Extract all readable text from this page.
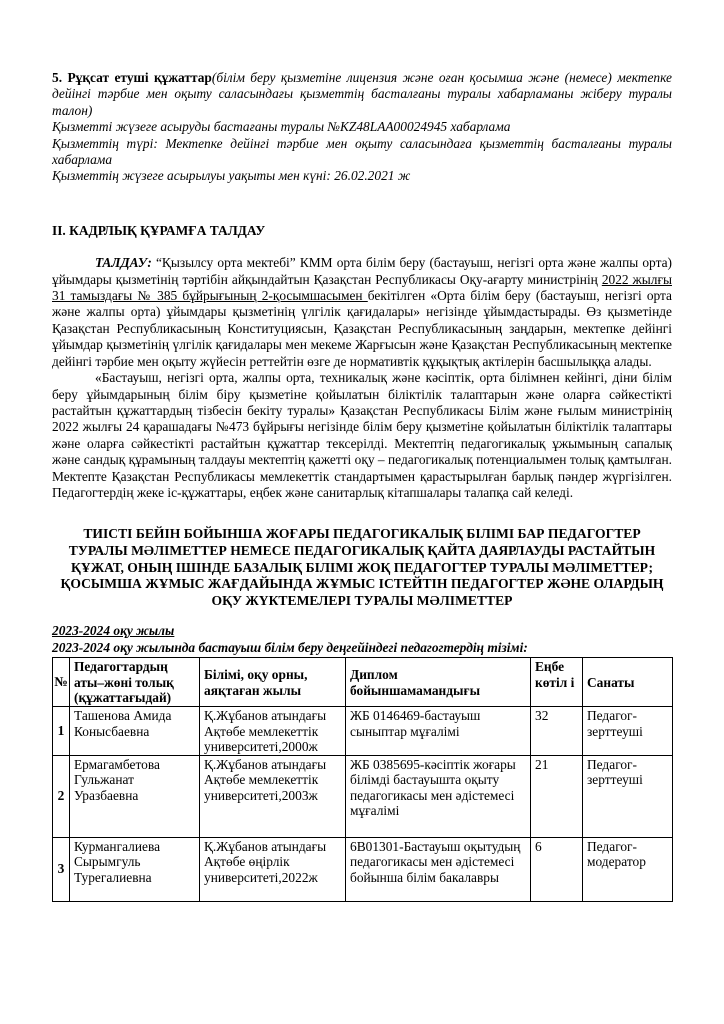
5. Рұқсат етуші құжаттар(білім беру қызметіне лицензия және оған қосымша және (немесе) мектепке дейінгі тәрбие мен оқыту саласындағы қызметтің басталғаны туралы хабарламаны жіберу туралы талон)

Қызметті жүзеге асыруды бастағаны туралы №KZ48LAA00024945 хабарлама

Қызметтің түрі: Мектепке дейінгі тәрбие мен оқыту саласындаға қызметтің басталғаны туралы хабарлама

Қызметтің жүзеге асырылуы уақыты мен күні: 26.02.2021 ж

ІІ. КАДРЛЫҚ ҚҰРАМҒА ТАЛДАУ

ТАЛДАУ: “Қызылсу орта мектебі” КММ орта білім беру (бастауыш, негізгі орта және жалпы орта) ұйымдары қызметінің тәртібін айқындайтын Қазақстан Республикасы Оқу-ағарту министрінің 2022 жылғы 31 тамыздағы № 385 бұйрығының 2-қосымшасымен бекітілген «Орта білім беру (бастауыш, негізгі орта және жалпы орта) ұйымдары қызметінің үлгілік қағидалары» негізінде ұйымдастырады. Өз қызметінде Қазақстан Республикасының Конституциясын, Қазақстан Республикасының заңдарын, мектепке дейінгі ұйымдар қызметінің үлгілік қағидалары мен мекеме Жарғысын және Қазақстан Республикасының мектепке дейінгі тәрбие мен оқыту жүйесін реттейтін өзге де нормативтік құқықтық актілерін басшылыққа алады.

«Бастауыш, негізгі орта, жалпы орта, техникалық және кәсіптік, орта білімнен кейінгі, діни білім беру ұйымдарының білім біру қызметіне қойылатын біліктілік талаптарын және оларға сәйкестікті растайтын құжаттардың тізбесін бекіту туралы» Қазақстан Республикасы Білім және ғылым министрінің 2022 жылғы 24 қарашадағы №473 бұйрығы негізінде білім беру қызметіне қойылатын біліктілік талаптары және оларға сәйкестікті растайтын құжаттар тексерілді. Мектептің педагогикалық ұжымының сапалық және сандық құрамының талдауы мектептің қажетті оқу – педагогикалық потенциалымен толық қамтылған. Мектепте Қазақстан Республикасы мемлекеттік стандартымен қарастырылған барлық пәндер жүргізілген. Педагогтердің жеке іс-құжаттары, еңбек және санитарлық кітапшалары талапқа сай келеді.

ТИІСТІ БЕЙІН БОЙЫНША ЖОҒАРЫ ПЕДАГОГИКАЛЫҚ БІЛІМІ БАР ПЕДАГОГТЕР ТУРАЛЫ МӘЛІМЕТТЕР НЕМЕСЕ ПЕДАГОГИКАЛЫҚ ҚАЙТА ДАЯРЛАУДЫ РАСТАЙТЫН ҚҰЖАТ, ОНЫҢ ІШІНДЕ БАЗАЛЫҚ БІЛІМІ ЖОҚ ПЕДАГОГТЕР ТУРАЛЫ МӘЛІМЕТТЕР; ҚОСЫМША ЖҰМЫС ЖАҒДАЙЫНДА ЖҰМЫС ІСТЕЙТІН ПЕДАГОГТЕР ЖӘНЕ ОЛАРДЫҢ ОҚУ ЖҮКТЕМЕЛЕРІ ТУРАЛЫ МӘЛІМЕТТЕР

2023-2024 оқу жылы

2023-2024 оқу жылында бастауыш білім беру деңгейіндегі педагогтердің тізімі:

№	Педагогтардың аты–жөні толық (құжаттағыдай)	Білімі, оқу орны, аяқтаған жылы	Диплом бойыншамамандығы	Еңбе көтіл і	Санаты
1	Ташенова Амида Конысбаевна	Қ.Жұбанов атындағы Ақтөбе мемлекеттік университеті,2000ж	ЖБ 0146469-бастауыш сыныптар мұғалімі	32	Педагог-зерттеуші
2	Ермагамбетова Гульжанат Уразбаевна	Қ.Жұбанов атындағы Ақтөбе мемлекеттік университеті,2003ж	ЖБ 0385695-кәсіптік жоғары білімді бастауышта оқыту педагогикасы мен әдістемесі мұғалімі	21	Педагог-зерттеуші
3	Курмангалиева Сырымгуль Турегалиевна	Қ.Жұбанов атындағы Ақтөбе өңірлік университеті,2022ж	6В01301-Бастауыш оқытудың педагогикасы мен әдістемесі бойынша білім бакалавры	6	Педагог-модератор
